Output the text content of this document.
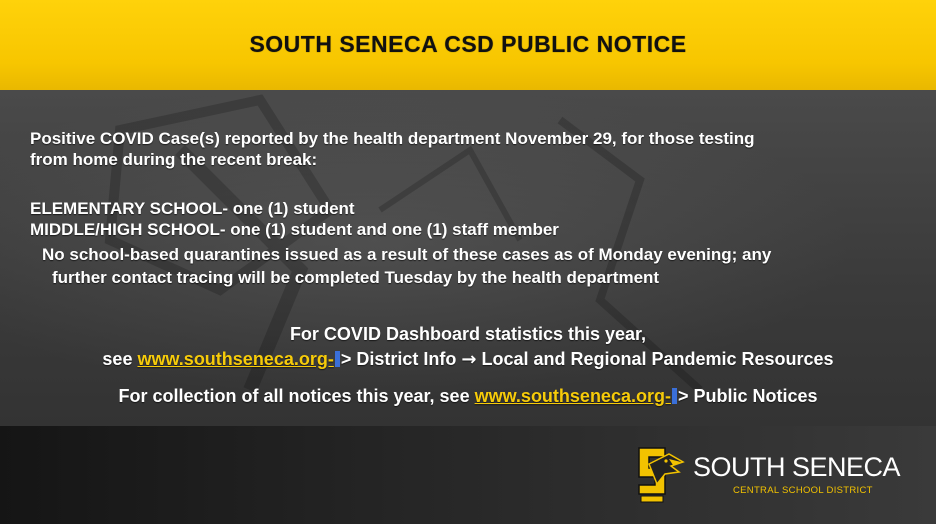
SOUTH SENECA CSD PUBLIC NOTICE
Positive COVID Case(s) reported by the health department November 29, for those testing
from home during the recent break:
ELEMENTARY SCHOOL- one (1) student
MIDDLE/HIGH SCHOOL- one (1) student and one (1) staff member
No school-based quarantines issued as a result of these cases as of Monday evening; any
further contact tracing will be completed Tuesday by the health department
For COVID Dashboard statistics this year,
see www.southseneca.org- > District Info → Local and Regional Pandemic Resources
For collection of all notices this year, see www.southseneca.org- > Public Notices
SOUTH SENECA
CENTRAL SCHOOL DISTRICT
